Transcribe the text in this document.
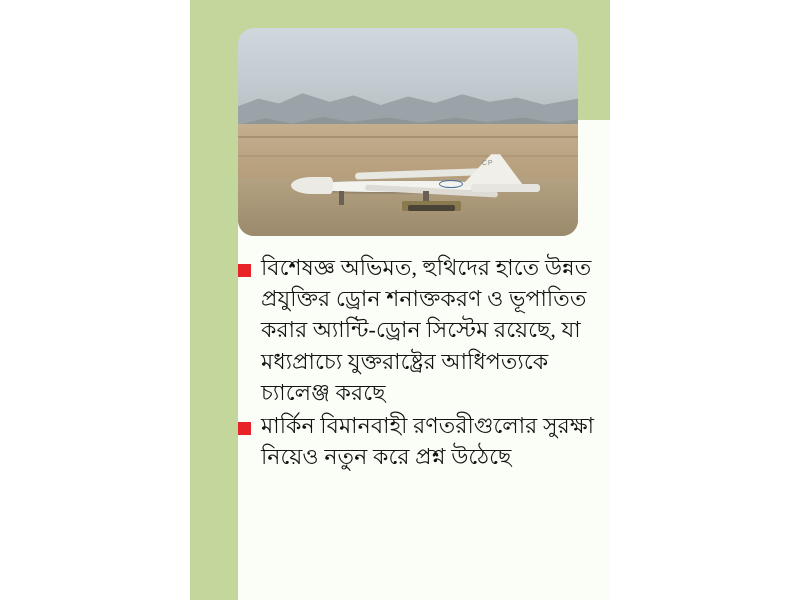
CP
বিশেষজ্ঞ অভিমত, হুথিদের হাতে উন্নত প্রযুক্তির ড্রোন শনাক্তকরণ ও ভূপাতিত করার অ্যান্টি-ড্রোন সিস্টেম রয়েছে, যা মধ্যপ্রাচ্যে যুক্তরাষ্ট্রের আধিপত্যকে চ্যালেঞ্জ করছে
মার্কিন বিমানবাহী রণতরীগুলোর সুরক্ষা নিয়েও নতুন করে প্রশ্ন উঠেছে
